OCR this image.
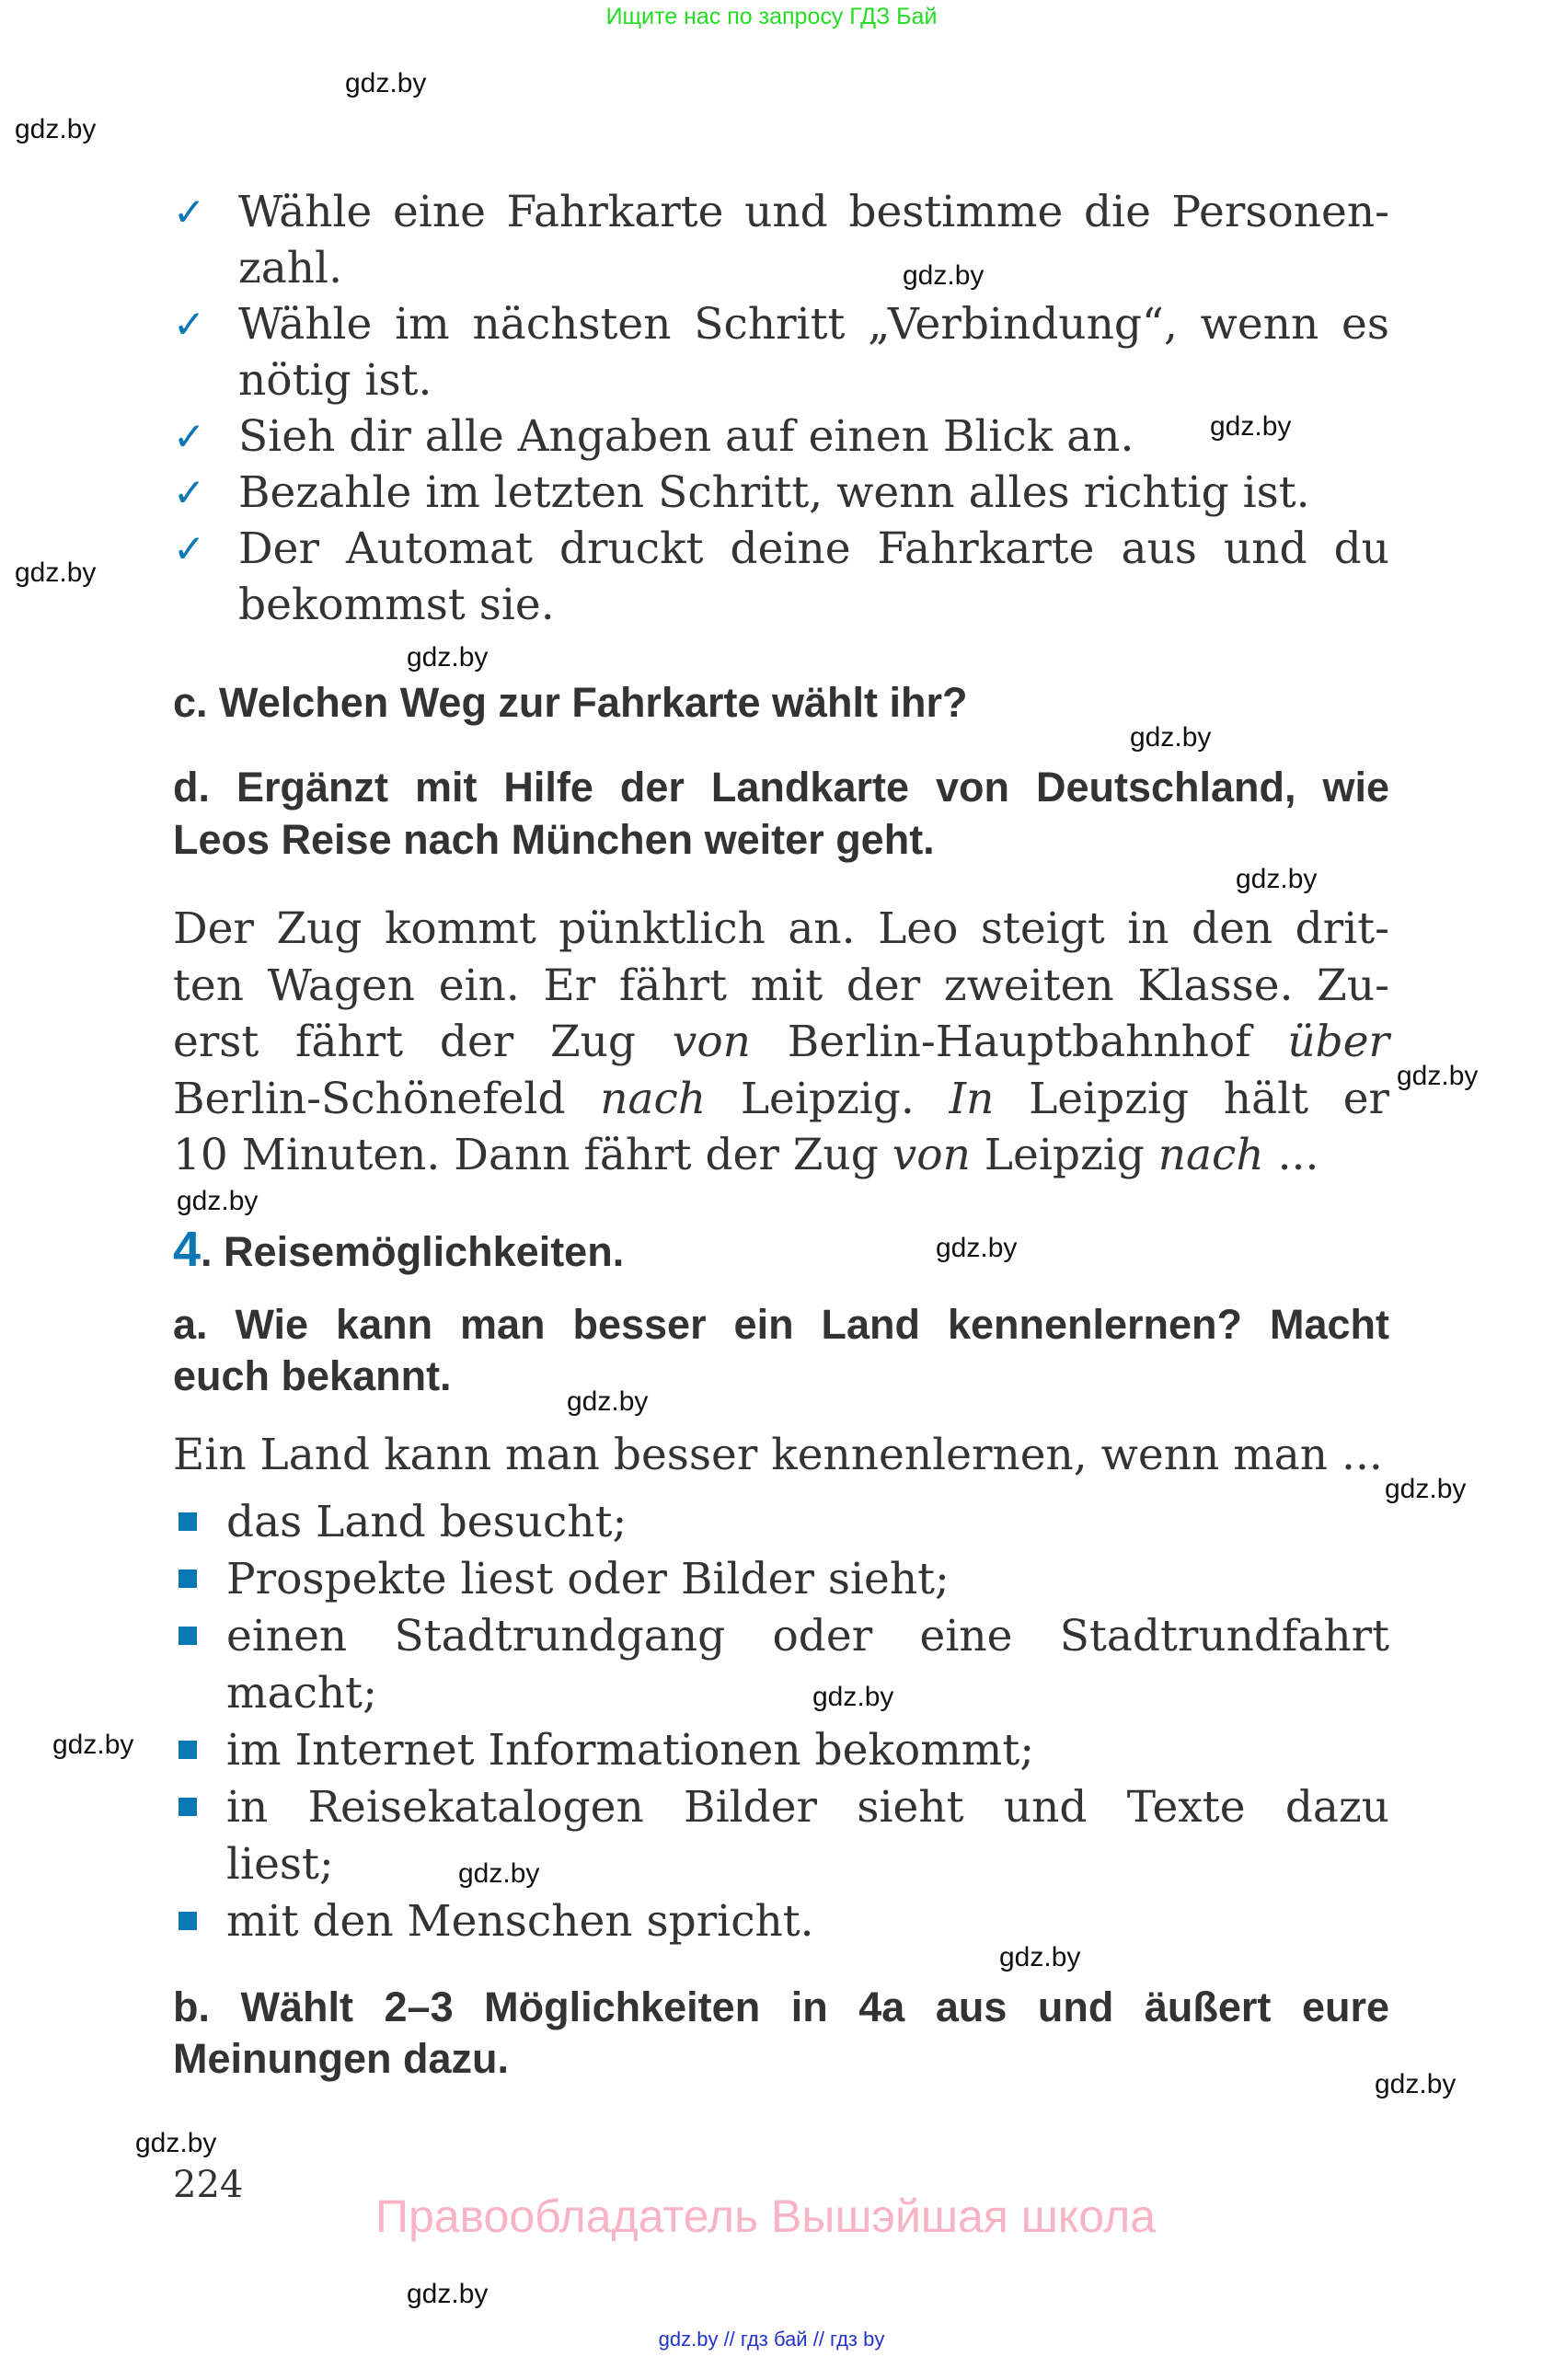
Ищите нас по запросу ГДЗ Бай
gdz.by
gdz.by
gdz.by
gdz.by
gdz.by
gdz.by
gdz.by
gdz.by
gdz.by
gdz.by
gdz.by
gdz.by
gdz.by
gdz.by
gdz.by
gdz.by
gdz.by
gdz.by
gdz.by
gdz.by
✓ Wähle eine Fahrkarte und bestimme die Personen-
zahl.
✓ Wähle im nächsten Schritt „Verbindung“, wenn es
nötig ist.
✓ Sieh dir alle Angaben auf einen Blick an.
✓ Bezahle im letzten Schritt, wenn alles richtig ist.
✓ Der Automat druckt deine Fahrkarte aus und du
bekommst sie.
c. Welchen Weg zur Fahrkarte wählt ihr?
d. Ergänzt mit Hilfe der Landkarte von Deutschland, wie
Leos Reise nach München weiter geht.
Der Zug kommt pünktlich an. Leo steigt in den drit-
ten Wagen ein. Er fährt mit der zweiten Klasse. Zu-
erst fährt der Zug von Berlin-Hauptbahnhof über
Berlin-Schönefeld nach Leipzig. In Leipzig hält er
10 Minuten. Dann fährt der Zug von Leipzig nach ...
4. Reisemöglichkeiten.
a. Wie kann man besser ein Land kennenlernen? Macht
euch bekannt.
Ein Land kann man besser kennenlernen, wenn man ...
das Land besucht;
Prospekte liest oder Bilder sieht;
einen Stadtrundgang oder eine Stadtrundfahrt
macht;
im Internet Informationen bekommt;
in Reisekatalogen Bilder sieht und Texte dazu
liest;
mit den Menschen spricht.
b. Wählt 2–3 Möglichkeiten in 4a aus und äußert eure
Meinungen dazu.
224
Правообладатель Вышэйшая школа
gdz.by // гдз бай // гдз by
